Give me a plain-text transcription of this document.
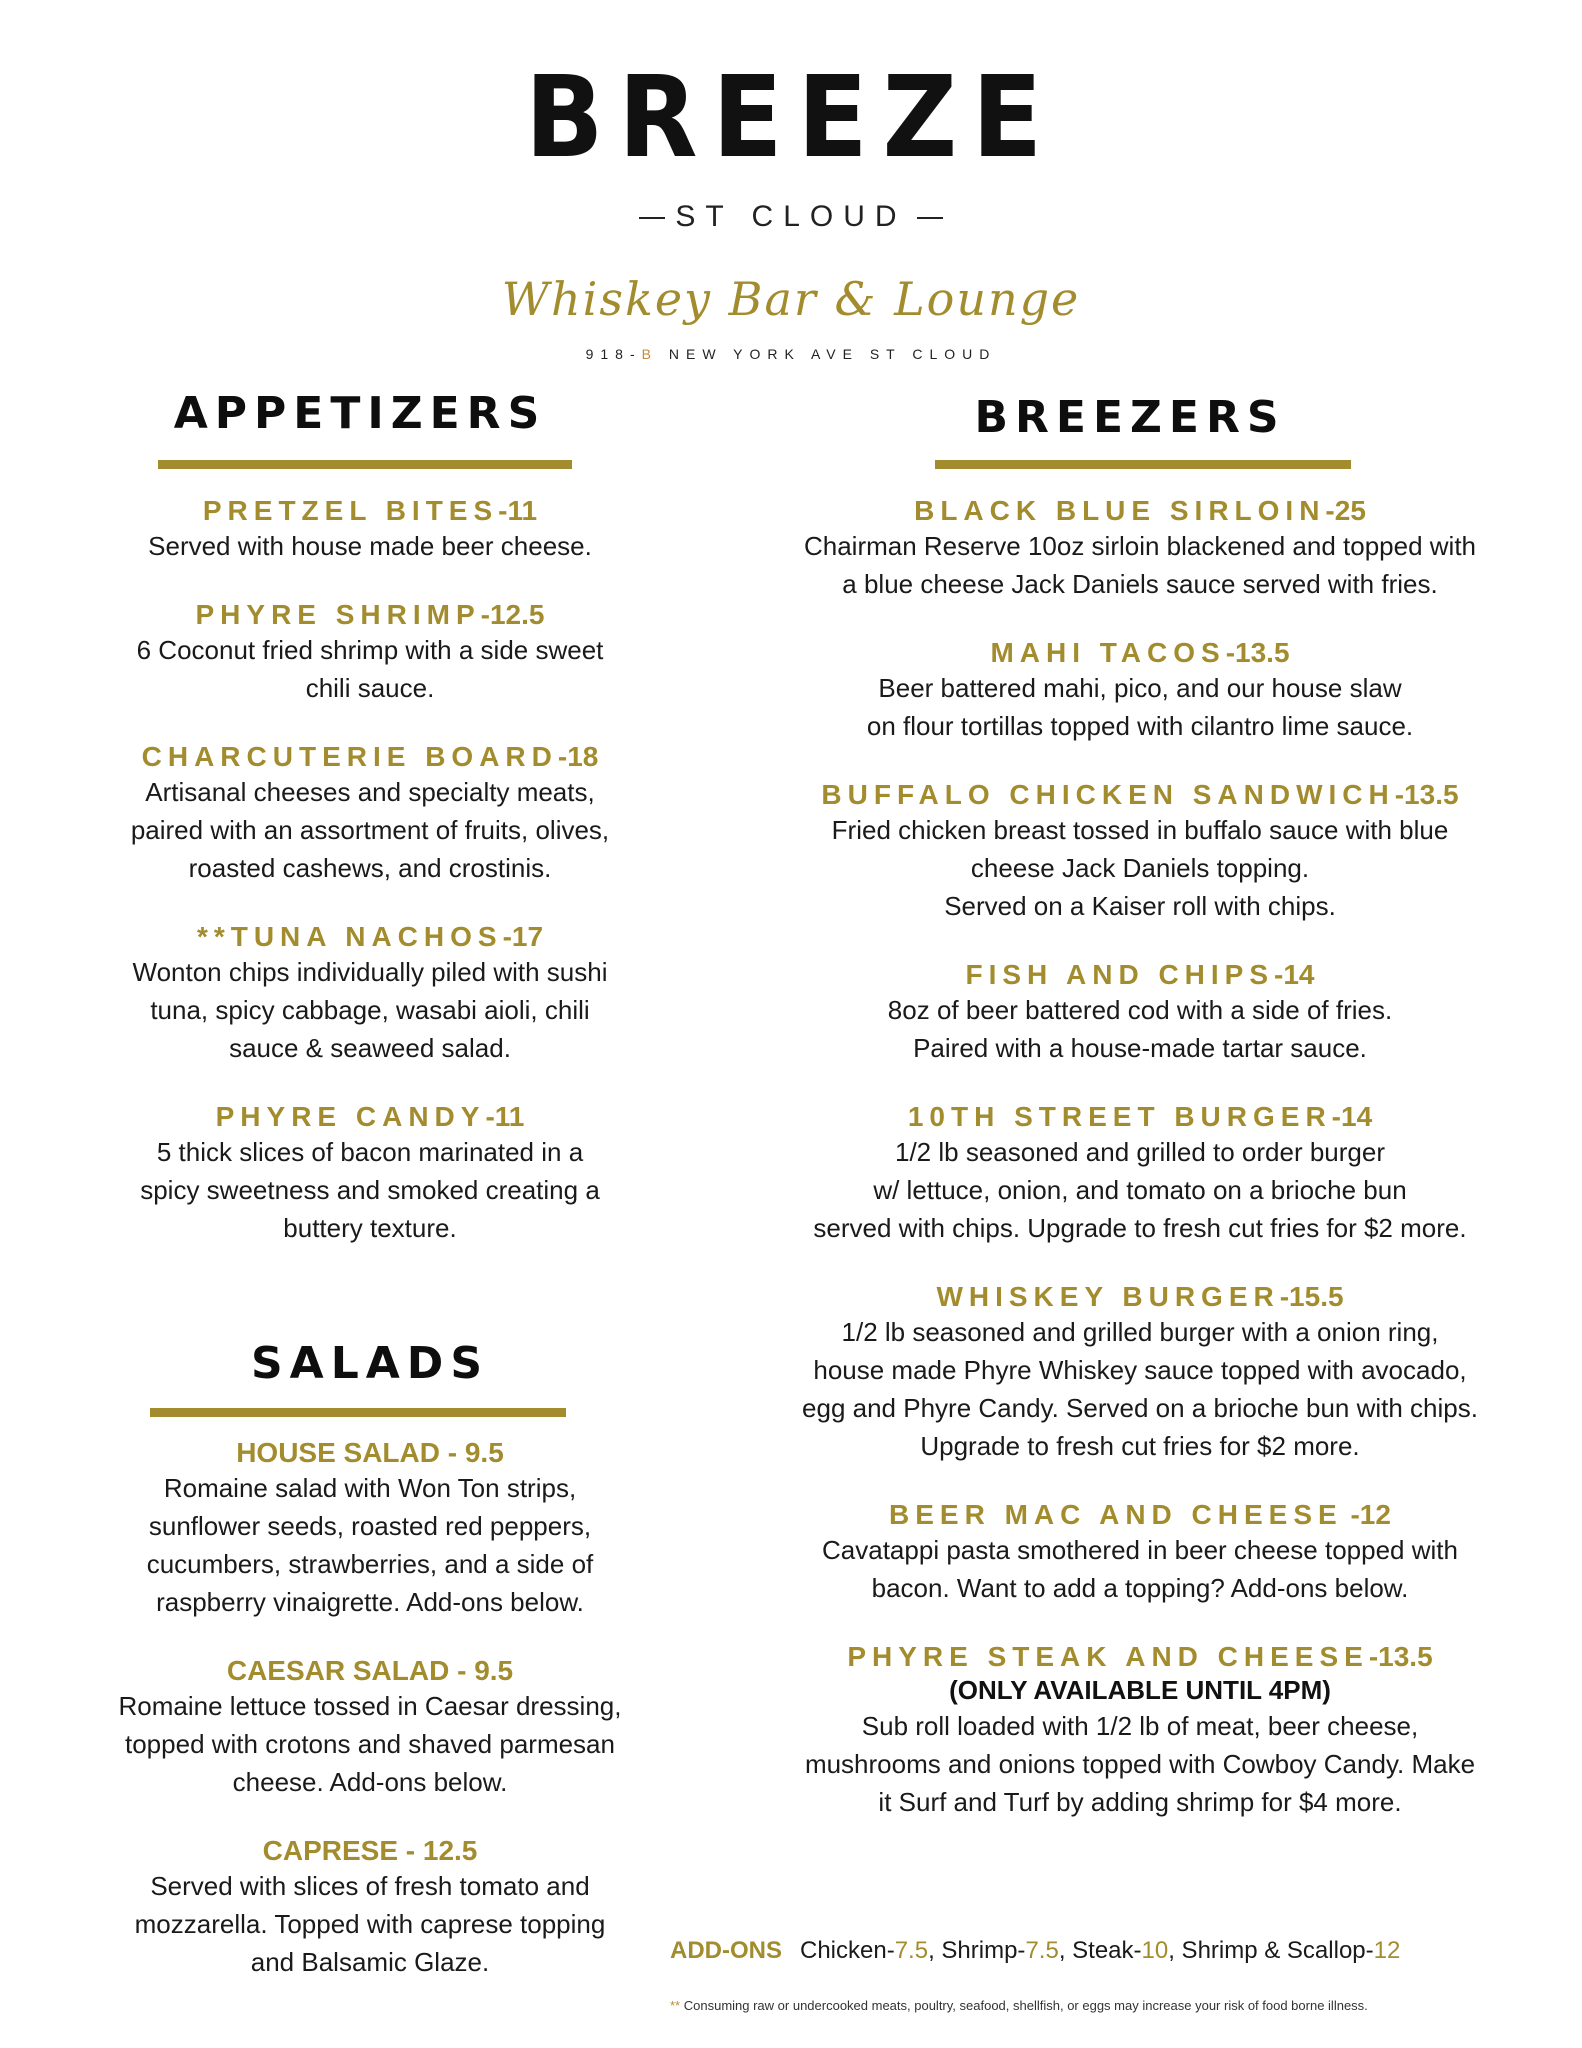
BREEZE
ST CLOUD
Whiskey Bar & Lounge
918-B NEW YORK AVE ST CLOUD
APPETIZERS
PRETZEL BITES-11
Served with house made beer cheese.
PHYRE SHRIMP-12.5
6 Coconut fried shrimp with a side sweet
chili sauce.
CHARCUTERIE BOARD-18
Artisanal cheeses and specialty meats,
paired with an assortment of fruits, olives,
roasted cashews, and crostinis.
**TUNA NACHOS-17
Wonton chips individually piled with sushi
tuna, spicy cabbage, wasabi aioli, chili
sauce & seaweed salad.
PHYRE CANDY-11
5 thick slices of bacon marinated in a
spicy sweetness and smoked creating a
buttery texture.
SALADS
HOUSE SALAD - 9.5
Romaine salad with Won Ton strips,
sunflower seeds, roasted red peppers,
cucumbers, strawberries, and a side of
raspberry vinaigrette. Add-ons below.
CAESAR SALAD - 9.5
Romaine lettuce tossed in Caesar dressing,
topped with crotons and shaved parmesan
cheese. Add-ons below.
CAPRESE - 12.5
Served with slices of fresh tomato and
mozzarella. Topped with caprese topping
and Balsamic Glaze.
BREEZERS
BLACK BLUE SIRLOIN-25
Chairman Reserve 10oz sirloin blackened and topped with
a blue cheese Jack Daniels sauce served with fries.
MAHI TACOS-13.5
Beer battered mahi, pico, and our house slaw
on flour tortillas topped with cilantro lime sauce.
BUFFALO CHICKEN SANDWICH-13.5
Fried chicken breast tossed in buffalo sauce with blue
cheese Jack Daniels topping.
Served on a Kaiser roll with chips.
FISH AND CHIPS-14
8oz of beer battered cod with a side of fries.
Paired with a house-made tartar sauce.
10TH STREET BURGER-14
1/2 lb seasoned and grilled to order burger
w/ lettuce, onion, and tomato on a brioche bun
served with chips. Upgrade to fresh cut fries for $2 more.
WHISKEY BURGER-15.5
1/2 lb seasoned and grilled burger with a onion ring,
house made Phyre Whiskey sauce topped with avocado,
egg and Phyre Candy. Served on a brioche bun with chips.
Upgrade to fresh cut fries for $2 more.
BEER MAC AND CHEESE -12
Cavatappi pasta smothered in beer cheese topped with
bacon. Want to add a topping? Add-ons below.
PHYRE STEAK AND CHEESE-13.5
(ONLY AVAILABLE UNTIL 4PM)
Sub roll loaded with 1/2 lb of meat, beer cheese,
mushrooms and onions topped with Cowboy Candy. Make
it Surf and Turf by adding shrimp for $4 more.
ADD-ONS Chicken-7.5, Shrimp-7.5, Steak-10, Shrimp & Scallop-12
** Consuming raw or undercooked meats, poultry, seafood, shellfish, or eggs may increase your risk of food borne illness.
